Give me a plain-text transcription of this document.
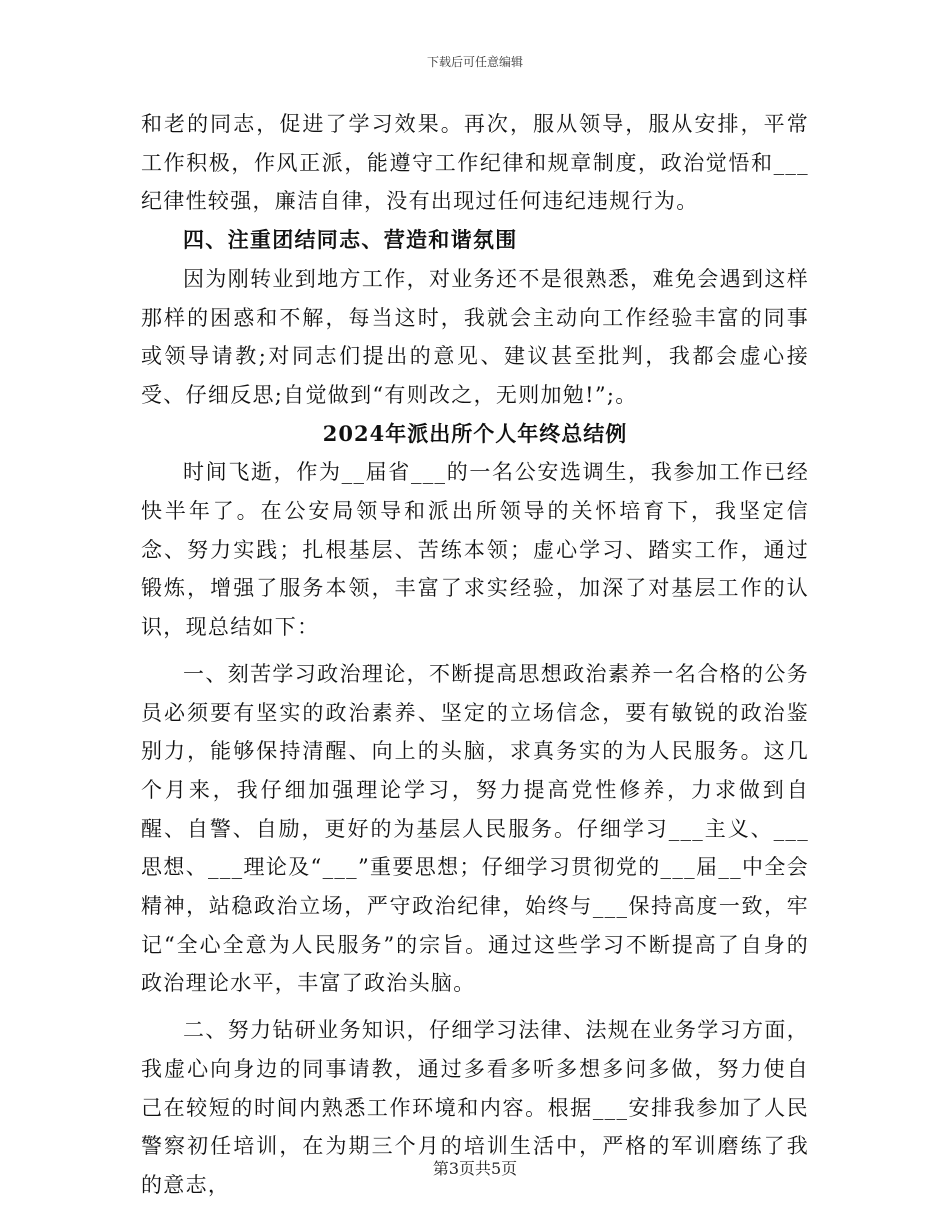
下载后可任意编辑

和老的同志，促进了学习效果。再次，服从领导，服从安排，平常工作积极，作风正派，能遵守工作纪律和规章制度，政治觉悟和___纪律性较强，廉洁自律，没有出现过任何违纪违规行为。

四、注重团结同志、营造和谐氛围

因为刚转业到地方工作，对业务还不是很熟悉，难免会遇到这样那样的困惑和不解，每当这时，我就会主动向工作经验丰富的同事或领导请教;对同志们提出的意见、建议甚至批判，我都会虚心接受、仔细反思;自觉做到“有则改之，无则加勉!”;。

2024年派出所个人年终总结例

时间飞逝，作为__届省___的一名公安选调生，我参加工作已经快半年了。在公安局领导和派出所领导的关怀培育下，我坚定信念、努力实践；扎根基层、苦练本领；虚心学习、踏实工作，通过锻炼，增强了服务本领，丰富了求实经验，加深了对基层工作的认识，现总结如下：

一、刻苦学习政治理论，不断提高思想政治素养一名合格的公务员必须要有坚实的政治素养、坚定的立场信念，要有敏锐的政治鉴别力，能够保持清醒、向上的头脑，求真务实的为人民服务。这几个月来，我仔细加强理论学习，努力提高党性修养，力求做到自醒、自警、自励，更好的为基层人民服务。仔细学习___主义、___思想、___理论及“___”重要思想；仔细学习贯彻党的___届__中全会精神，站稳政治立场，严守政治纪律，始终与___保持高度一致，牢记“全心全意为人民服务”的宗旨。通过这些学习不断提高了自身的政治理论水平，丰富了政治头脑。

二、努力钻研业务知识，仔细学习法律、法规在业务学习方面，我虚心向身边的同事请教，通过多看多听多想多问多做，努力使自己在较短的时间内熟悉工作环境和内容。根据___安排我参加了人民警察初任培训，在为期三个月的培训生活中，严格的军训磨练了我的意志，

第3页共5页
